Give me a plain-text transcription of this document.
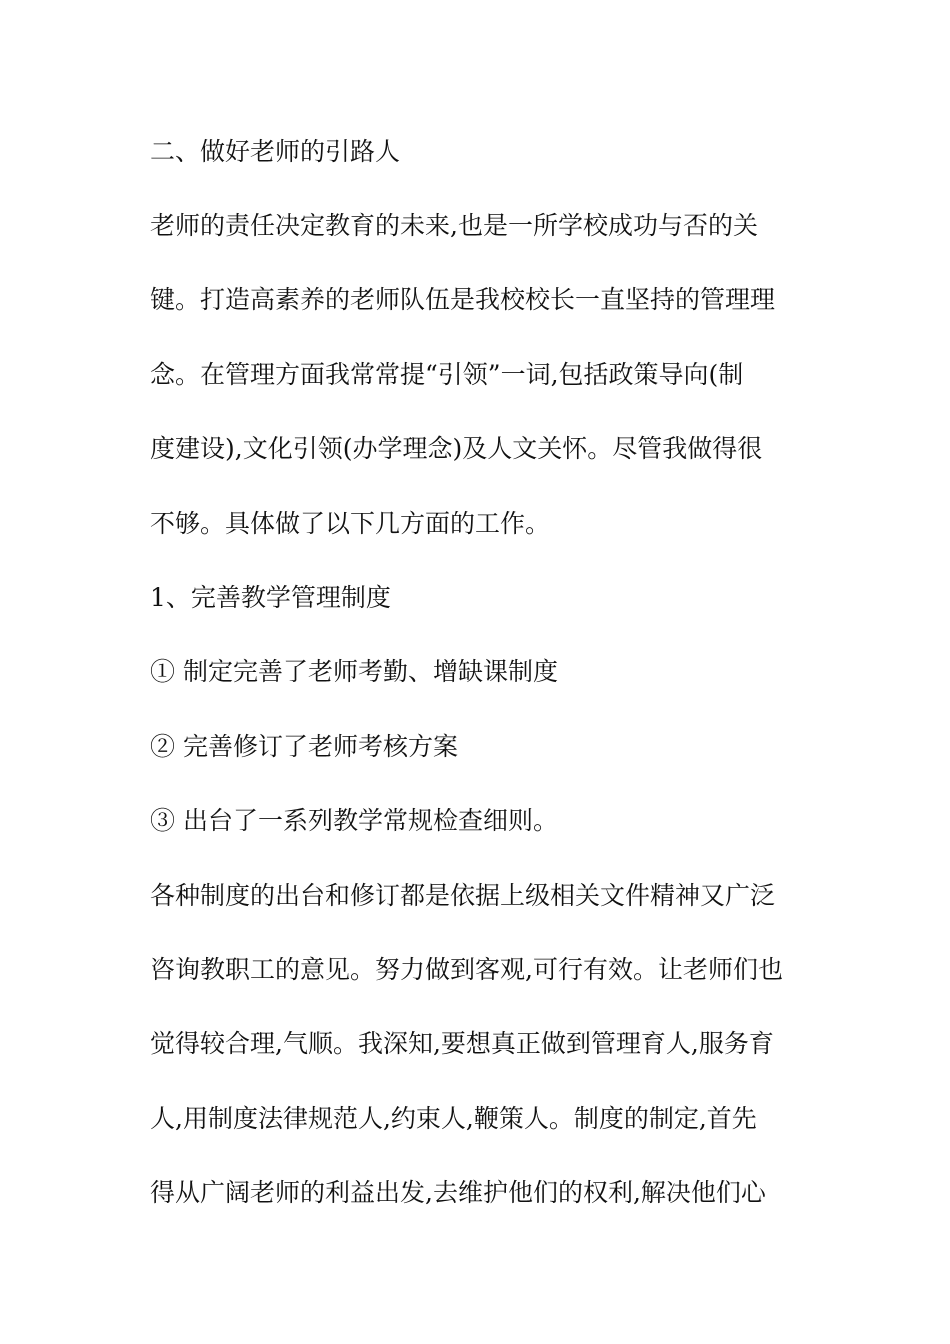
二、做好老师的引路人
老师的责任决定教育的未来,也是一所学校成功与否的关
键。打造高素养的老师队伍是我校校长一直坚持的管理理
念。在管理方面我常常提“引领”一词,包括政策导向(制
度建设),文化引领(办学理念)及人文关怀。尽管我做得很
不够。具体做了以下几方面的工作。
1、完善教学管理制度
① 制定完善了老师考勤、增缺课制度
② 完善修订了老师考核方案
③ 出台了一系列教学常规检查细则。
各种制度的出台和修订都是依据上级相关文件精神又广泛
咨询教职工的意见。努力做到客观,可行有效。让老师们也
觉得较合理,气顺。我深知,要想真正做到管理育人,服务育
人,用制度法律规范人,约束人,鞭策人。制度的制定,首先
得从广阔老师的利益出发,去维护他们的权利,解决他们心
